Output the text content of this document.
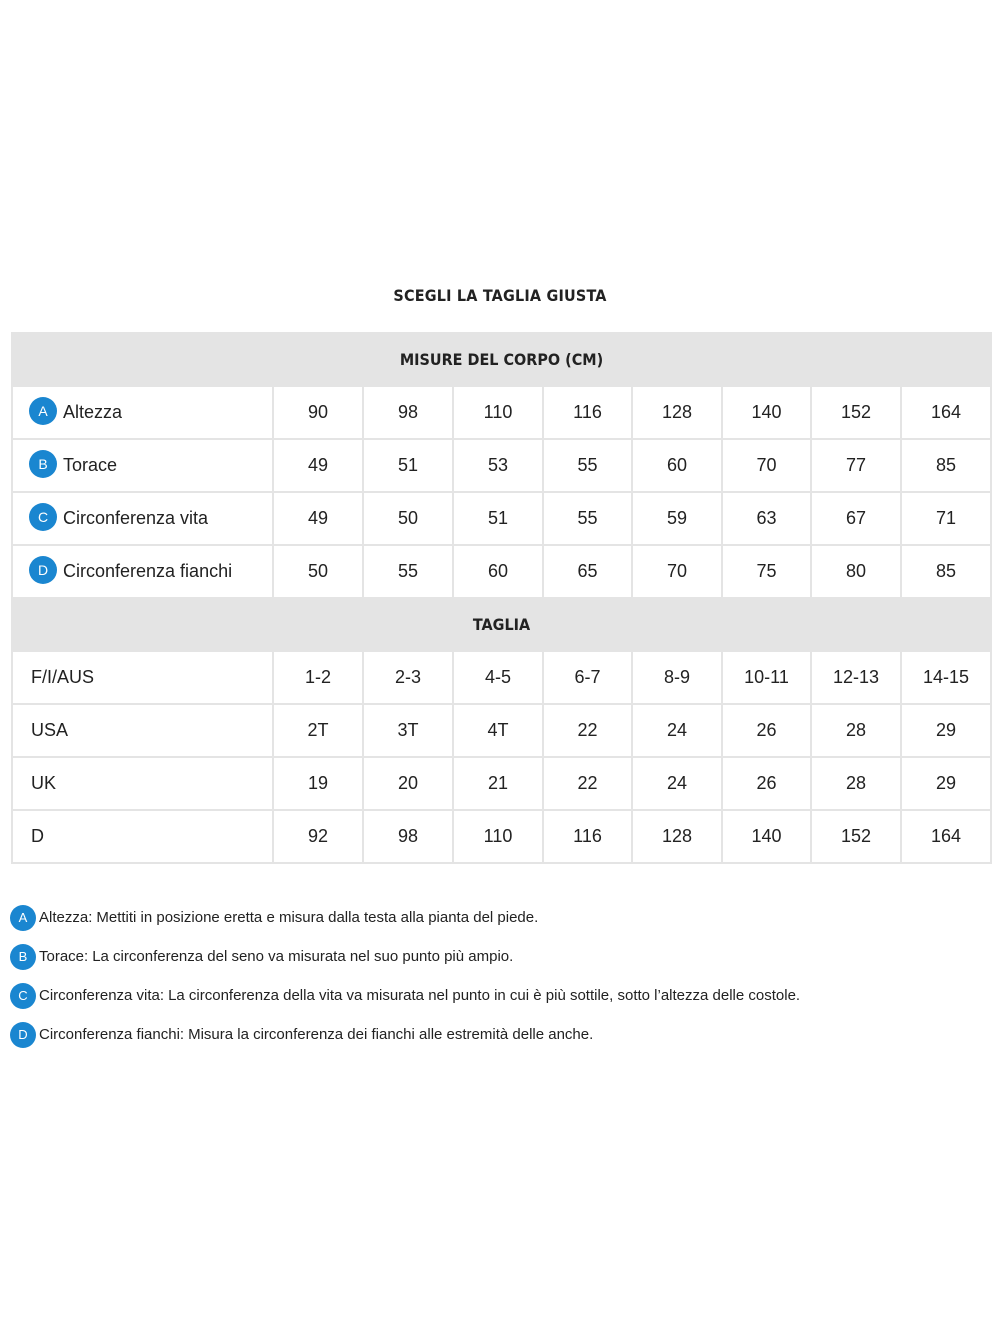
SCEGLI LA TAGLIA GIUSTA
MISURE DEL CORPO (CM)								
A Altezza	90	98	110	116	128	140	152	164
B Torace	49	51	53	55	60	70	77	85
C Circonferenza vita	49	50	51	55	59	63	67	71
D Circonferenza fianchi	50	55	60	65	70	75	80	85
TAGLIA								
F/I/AUS	1-2	2-3	4-5	6-7	8-9	10-11	12-13	14-15
USA	2T	3T	4T	22	24	26	28	29
UK	19	20	21	22	24	26	28	29
D	92	98	110	116	128	140	152	164
A Altezza: Mettiti in posizione eretta e misura dalla testa alla pianta del piede.
B Torace: La circonferenza del seno va misurata nel suo punto più ampio.
C Circonferenza vita: La circonferenza della vita va misurata nel punto in cui è più sottile, sotto l’altezza delle costole.
D Circonferenza fianchi: Misura la circonferenza dei fianchi alle estremità delle anche.
